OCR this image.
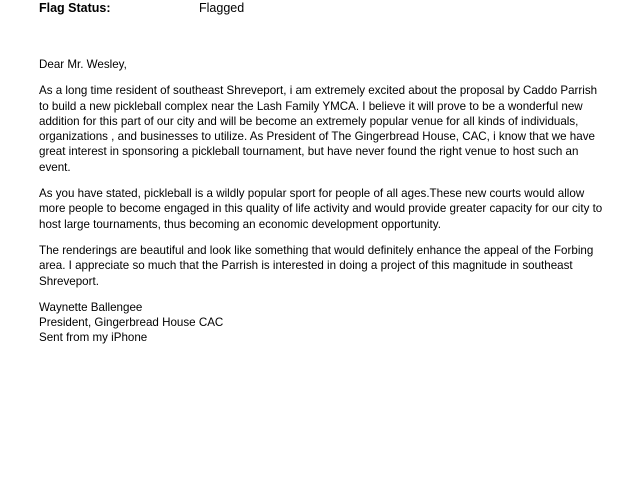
Flag Status:	Flagged
Dear Mr. Wesley,

As a long time resident of southeast Shreveport, i am extremely excited about the proposal by Caddo Parrish to build a new pickleball complex near the Lash Family YMCA. I believe it will prove to be a wonderful new addition for this part of our city and will be become an extremely popular venue for all kinds of individuals, organizations , and businesses to utilize. As President of The Gingerbread House, CAC, i know that we have great interest in sponsoring a pickleball tournament, but have never found the right venue to host such an event.

As you have stated, pickleball is a wildly popular sport for people of all ages.These new courts would allow more people to become engaged in this quality of life activity and would provide greater capacity for our city to host large tournaments, thus becoming an economic development opportunity.

The renderings are beautiful and look like something that would definitely enhance the appeal of the Forbing area. I appreciate so much that the Parrish is interested in doing a project of this magnitude in southeast Shreveport.

Waynette Ballengee
President, Gingerbread House CAC
Sent from my iPhone
